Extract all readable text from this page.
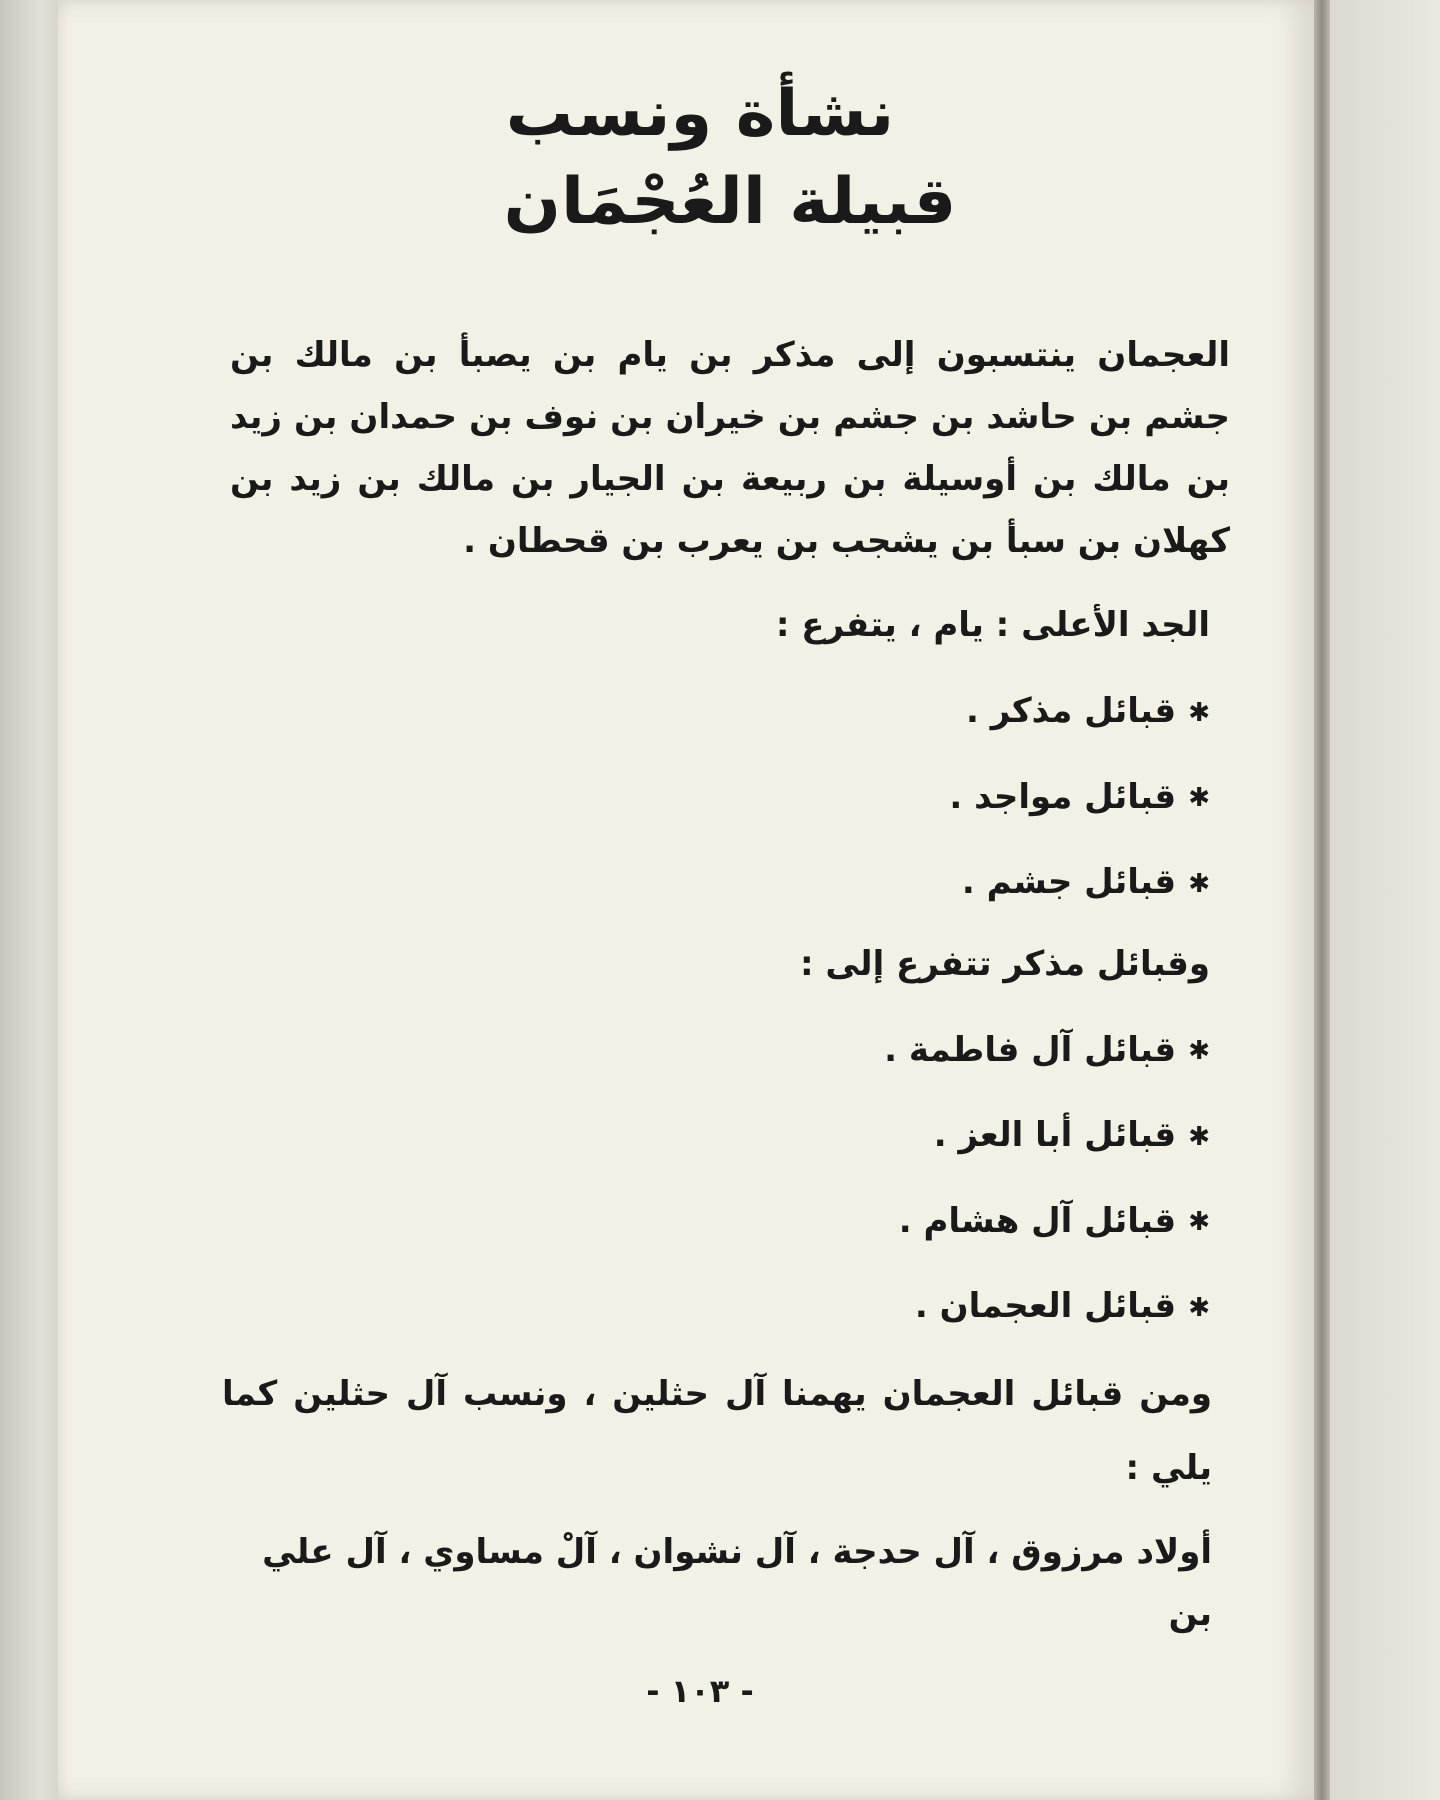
نشأة ونسب
قبيلة العُجْمَان
العجمان ينتسبون إلى مذكر بن يام بن يصبأ بن مالك بن جشم بن حاشد بن جشم بن خيران بن نوف بن حمدان بن زيد بن مالك بن أوسيلة بن ربيعة بن الجيار بن مالك بن زيد بن كهلان بن سبأ بن يشجب بن يعرب بن قحطان .
الجد الأعلى : يام ، يتفرع :
✱قبائل مذكر .
✱قبائل مواجد .
✱قبائل جشم .
وقبائل مذكر تتفرع إلى :
✱قبائل آل فاطمة .
✱قبائل أبا العز .
✱قبائل آل هشام .
✱قبائل العجمان .
ومن قبائل العجمان يهمنا آل حثلين ، ونسب آل حثلين كما يلي :
أولاد مرزوق ، آل حدجة ، آل نشوان ، آلْ مساوي ، آل علي بن
- ١٠٣ -
